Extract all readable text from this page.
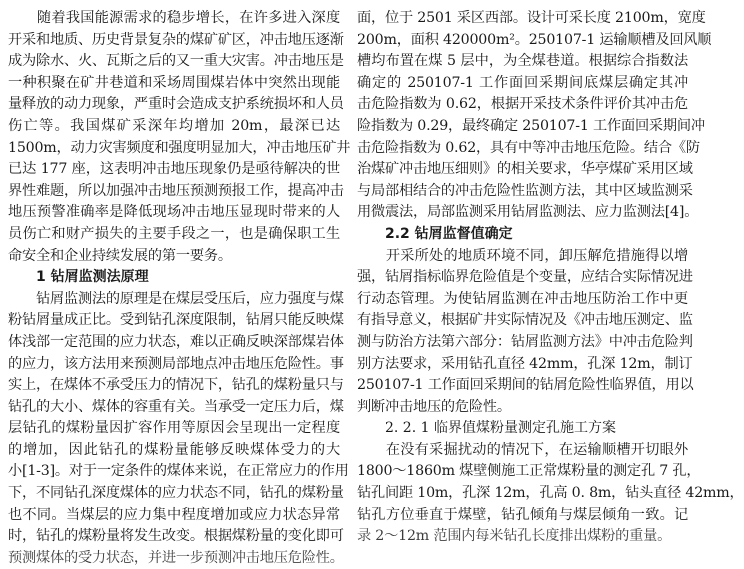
　　随着我国能源需求的稳步增长，在许多进入深度
开采和地质、历史背景复杂的煤矿矿区，冲击地压逐渐
成为除水、火、瓦斯之后的又一重大灾害。冲击地压是
一种积聚在矿井巷道和采场周围煤岩体中突然出现能
量释放的动力现象，严重时会造成支护系统损坏和人员
伤亡等。我国煤矿采深年均增加 20m，最深已达
1500m，动力灾害频度和强度明显加大，冲击地压矿井
已达 177 座，这表明冲击地压现象仍是亟待解决的世
界性难题，所以加强冲击地压预测预报工作，提高冲击
地压预警准确率是降低现场冲击地压显现时带来的人
员伤亡和财产损失的主要手段之一，也是确保职工生
命安全和企业持续发展的第一要务。
1 钻屑监测法原理
　　钻屑监测法的原理是在煤层受压后，应力强度与煤
粉钻屑量成正比。受到钻孔深度限制，钻屑只能反映煤
体浅部一定范围的应力状态，难以正确反映深部煤岩体
的应力，该方法用来预测局部地点冲击地压危险性。事
实上，在煤体不承受压力的情况下，钻孔的煤粉量只与
钻孔的大小、煤体的容重有关。当承受一定压力后，煤
层钻孔的煤粉量因扩容作用等原因会呈现出一定程度
的增加，因此钻孔的煤粉量能够反映煤体受力的大
小[1-3]。对于一定条件的煤体来说，在正常应力的作用
下，不同钻孔深度煤体的应力状态不同，钻孔的煤粉量
也不同。当煤层的应力集中程度增加或应力状态异常
时，钻孔的煤粉量将发生改变。根据煤粉量的变化即可
预测煤体的受力状态，并进一步预测冲击地压危险性。
面，位于 2501 采区西部。设计可采长度 2100m，宽度
200m，面积 420000m²。250107-1 运输顺槽及回风顺
槽均布置在煤 5 层中，为全煤巷道。根据综合指数法
确定的 250107-1 工作面回采期间底煤层确定其冲
击危险指数为 0.62，根据开采技术条件评价其冲击危
险指数为 0.29，最终确定 250107-1 工作面回采期间冲
击危险指数为 0.62，具有中等冲击地压危险。结合《防
治煤矿冲击地压细则》的相关要求，华亭煤矿采用区域
与局部相结合的冲击危险性监测方法，其中区域监测采
用微震法，局部监测采用钻屑监测法、应力监测法[4]。
2.2 钻屑监督值确定
　　开采所处的地质环境不同，卸压解危措施得以增
强，钻屑指标临界危险值是个变量，应结合实际情况进
行动态管理。为使钻屑监测在冲击地压防治工作中更
有指导意义，根据矿井实际情况及《冲击地压测定、监
测与防治方法第六部分：钻屑监测方法》中冲击危险判
别方法要求，采用钻孔直径 42mm，孔深 12m，制订
250107-1 工作面回采期间的钻屑危险性临界值，用以
判断冲击地压的危险性。
2. 2. 1 临界值煤粉量测定孔施工方案
　　在没有采掘扰动的情况下，在运输顺槽开切眼外
1800～1860m 煤壁侧施工正常煤粉量的测定孔 7 孔，
钻孔间距 10m，孔深 12m，孔高 0. 8m，钻头直径 42mm，
钻孔方位垂直于煤壁，钻孔倾角与煤层倾角一致。记
录 2～12m 范围内每米钻孔长度排出煤粉的重量。
